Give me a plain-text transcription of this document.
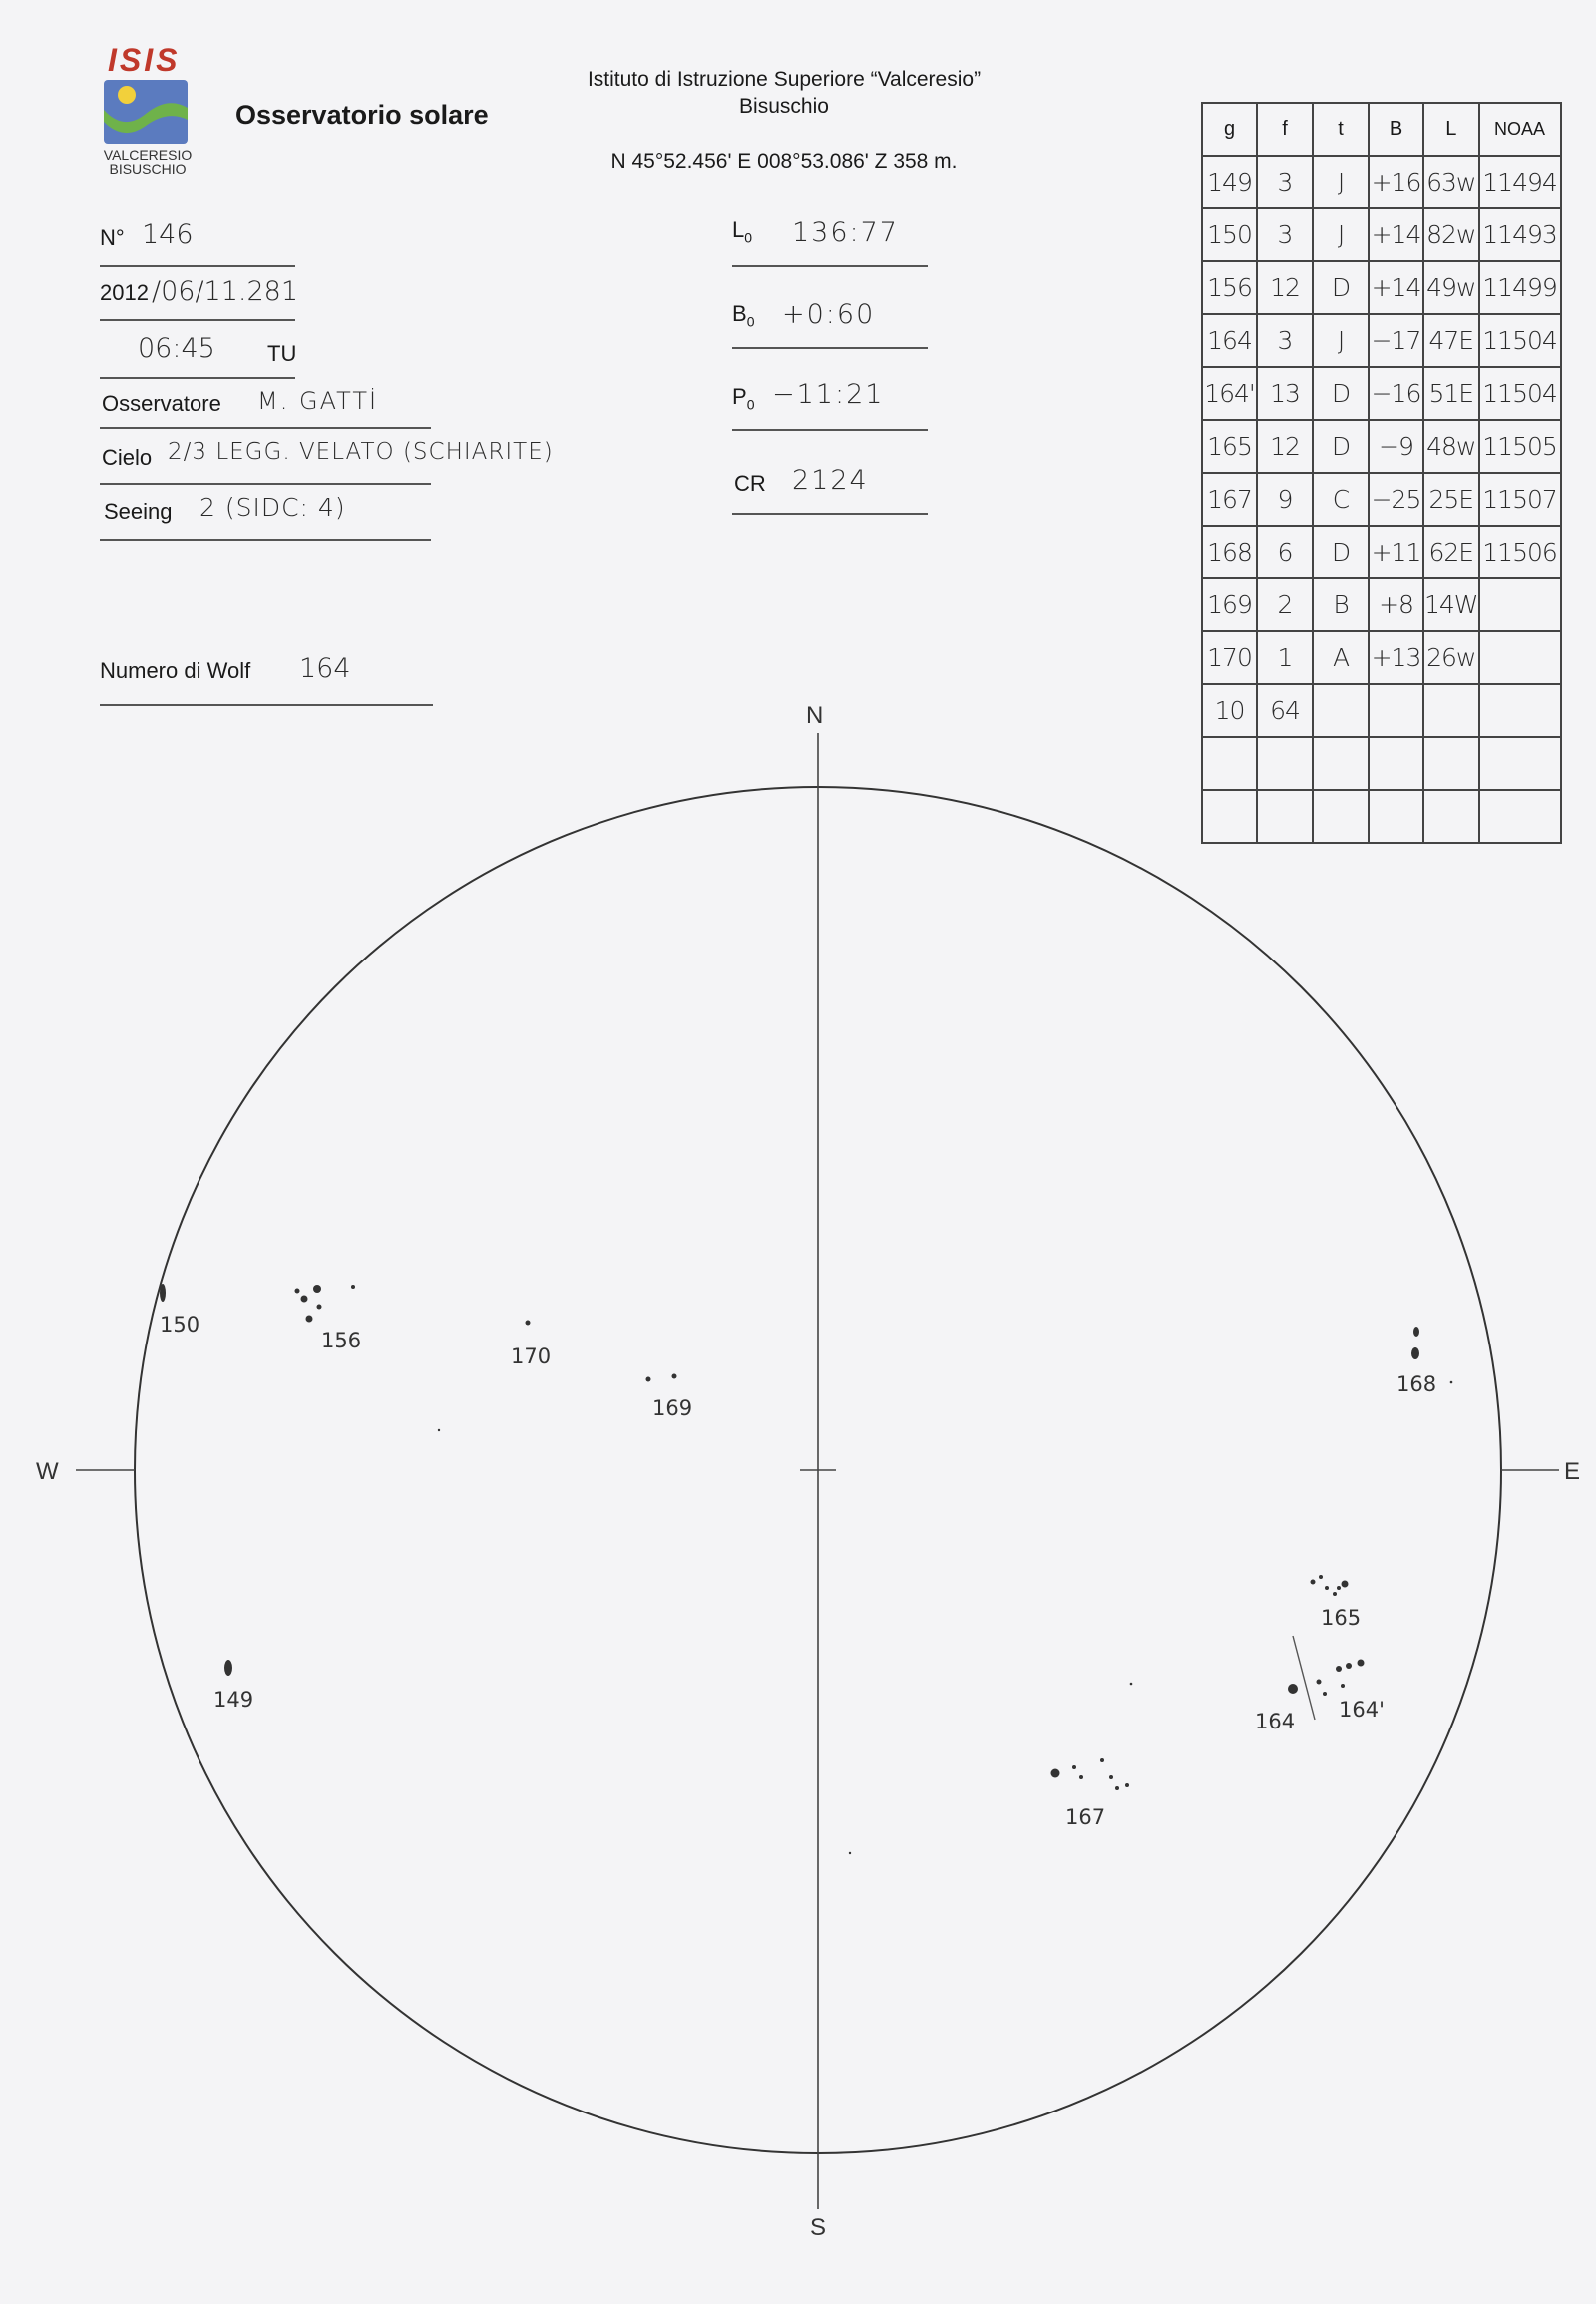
ISIS
VALCERESIO
BISUSCHIO
Osservatorio solare
Istituto di Istruzione Superiore “Valceresio”
Bisuschio
N 45°52.456' E 008°53.086' Z 358 m.
N° 146
2012 /06/11.281
06:45 TU
Osservatore M. GATTİ
Cielo 2/3 LEGG. VELATO (SCHIARITE)
Seeing 2 (SIDC: 4)
Numero di Wolf 164
$L_0$ 136:77
$B_0$ +0:60
$P_0$ −11:21
CR 2124
g	f	t	B	L	NOAA
149	3	J	+16	63w	11494
150	3	J	+14	82w	11493
156	12	D	+14	49w	11499
164	3	J	−17	47E	11504
164'	13	D	−16	51E	11504
165	12	D	−9	48w	11505
167	9	C	−25	25E	11507
168	6	D	+11	62E	11506
169	2	B	+8	14W	
170	1	A	+13	26w	
10	64				

N
S
E
W
150
156
170
169
168
149
165
164 164'
167
